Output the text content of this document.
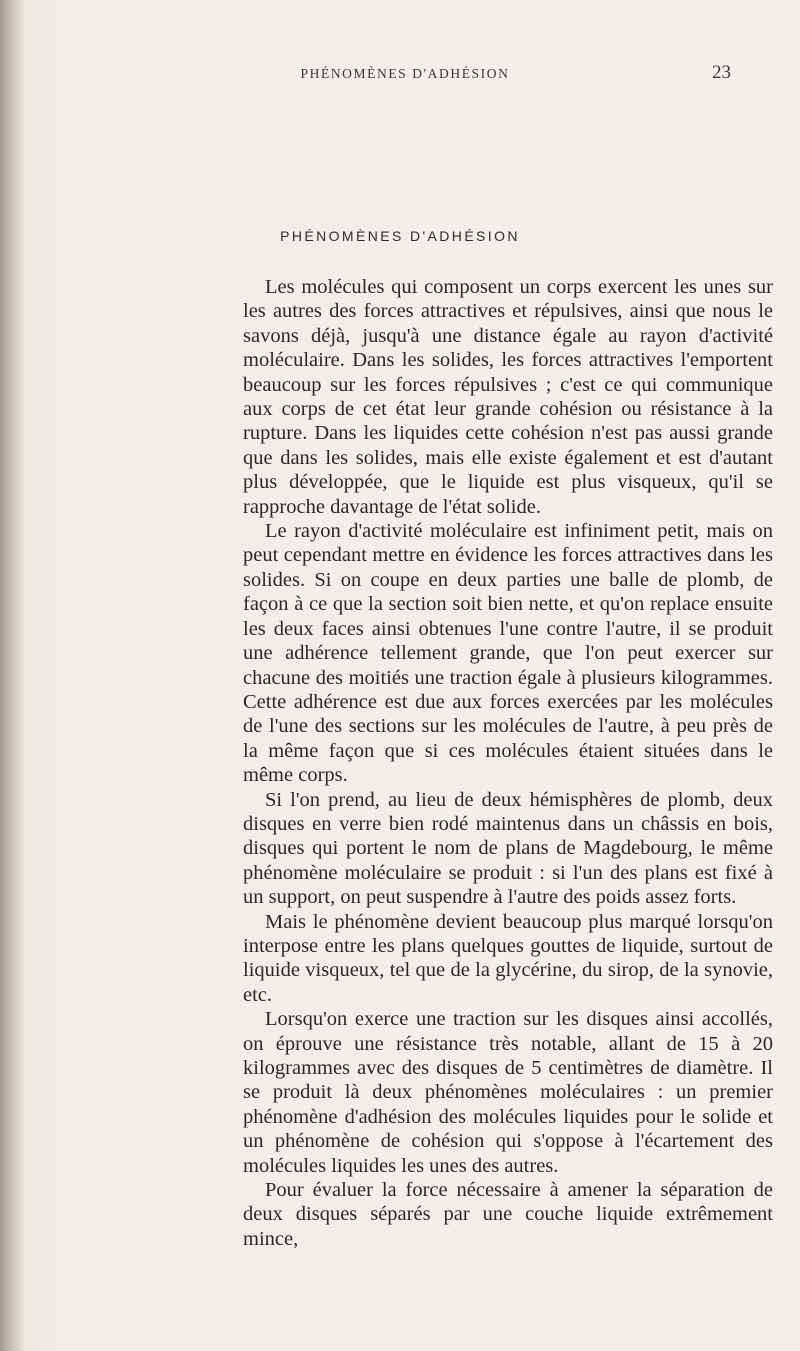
PHÉNOMÈNES D'ADHÉSION	23
PHÉNOMÈNES D'ADHÉSION

Les molécules qui composent un corps exercent les unes sur les autres des forces attractives et répulsives, ainsi que nous le savons déjà, jusqu'à une distance égale au rayon d'activité moléculaire. Dans les solides, les forces attractives l'emportent beaucoup sur les forces répulsives ; c'est ce qui communique aux corps de cet état leur grande cohésion ou résistance à la rupture. Dans les liquides cette cohésion n'est pas aussi grande que dans les solides, mais elle existe également et est d'autant plus développée, que le liquide est plus visqueux, qu'il se rapproche davantage de l'état solide.

Le rayon d'activité moléculaire est infiniment petit, mais on peut cependant mettre en évidence les forces attractives dans les solides. Si on coupe en deux parties une balle de plomb, de façon à ce que la section soit bien nette, et qu'on replace ensuite les deux faces ainsi obtenues l'une contre l'autre, il se produit une adhérence tellement grande, que l'on peut exercer sur chacune des moitiés une traction égale à plusieurs kilogrammes. Cette adhérence est due aux forces exercées par les molécules de l'une des sections sur les molécules de l'autre, à peu près de la même façon que si ces molécules étaient situées dans le même corps.

Si l'on prend, au lieu de deux hémisphères de plomb, deux disques en verre bien rodé maintenus dans un châssis en bois, disques qui portent le nom de plans de Magdebourg, le même phénomène moléculaire se produit : si l'un des plans est fixé à un support, on peut suspendre à l'autre des poids assez forts.

Mais le phénomène devient beaucoup plus marqué lorsqu'on interpose entre les plans quelques gouttes de liquide, surtout de liquide visqueux, tel que de la glycérine, du sirop, de la synovie, etc.

Lorsqu'on exerce une traction sur les disques ainsi accollés, on éprouve une résistance très notable, allant de 15 à 20 kilogrammes avec des disques de 5 centimètres de diamètre. Il se produit là deux phénomènes moléculaires : un premier phénomène d'adhésion des molécules liquides pour le solide et un phénomène de cohésion qui s'oppose à l'écartement des molécules liquides les unes des autres.

Pour évaluer la force nécessaire à amener la séparation de deux disques séparés par une couche liquide extrêmement mince,
